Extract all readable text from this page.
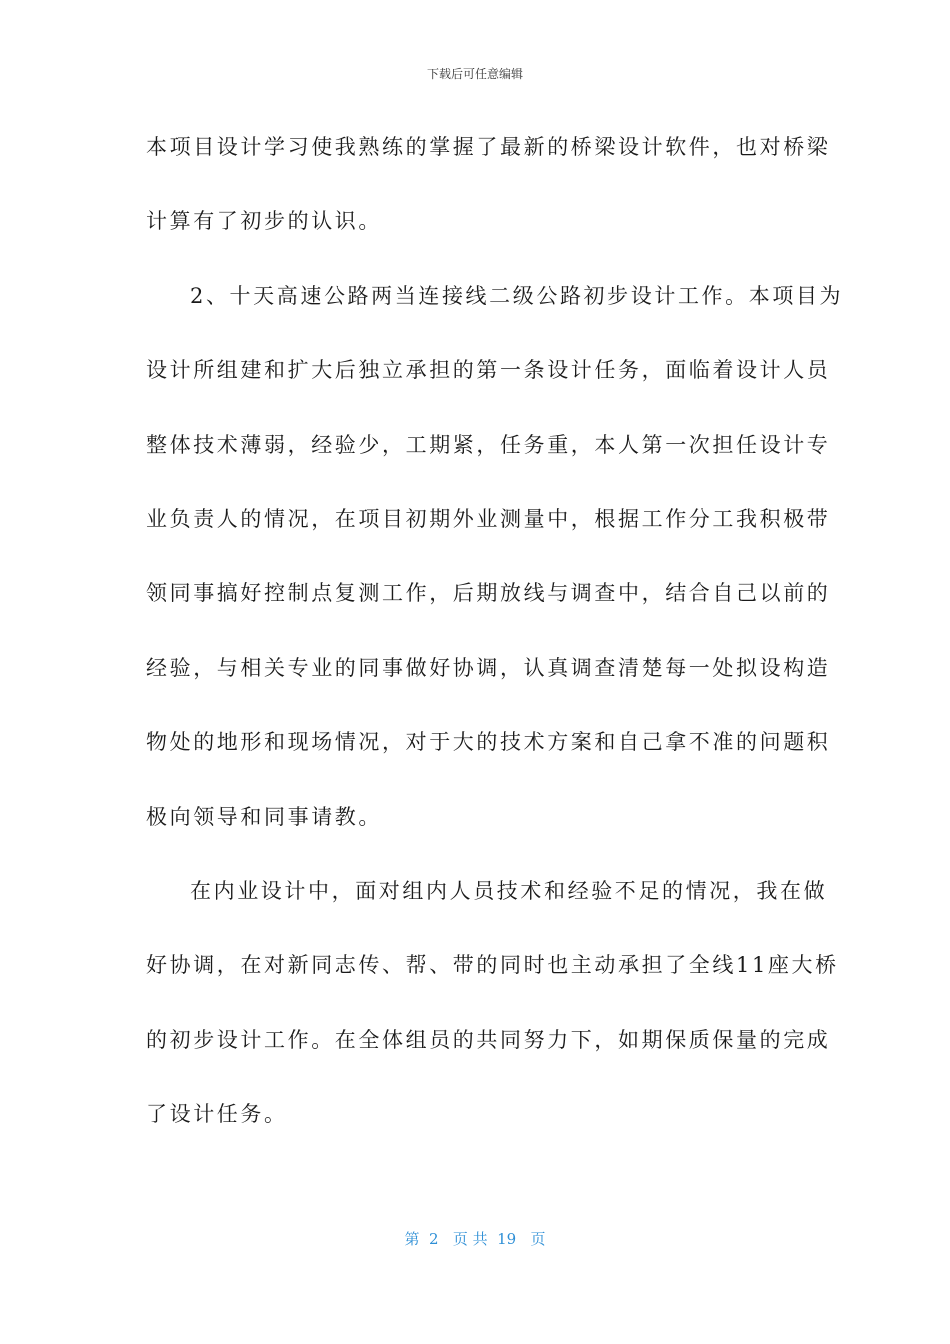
下载后可任意编辑
本项目设计学习使我熟练的掌握了最新的桥梁设计软件，也对桥梁
计算有了初步的认识。
2、十天高速公路两当连接线二级公路初步设计工作。本项目为
设计所组建和扩大后独立承担的第一条设计任务，面临着设计人员
整体技术薄弱，经验少，工期紧，任务重，本人第一次担任设计专
业负责人的情况，在项目初期外业测量中，根据工作分工我积极带
领同事搞好控制点复测工作，后期放线与调查中，结合自己以前的
经验，与相关专业的同事做好协调，认真调查清楚每一处拟设构造
物处的地形和现场情况，对于大的技术方案和自己拿不准的问题积
极向领导和同事请教。
在内业设计中，面对组内人员技术和经验不足的情况，我在做
好协调，在对新同志传、帮、带的同时也主动承担了全线11座大桥
的初步设计工作。在全体组员的共同努力下，如期保质保量的完成
了设计任务。
第  2   页 共  19   页
